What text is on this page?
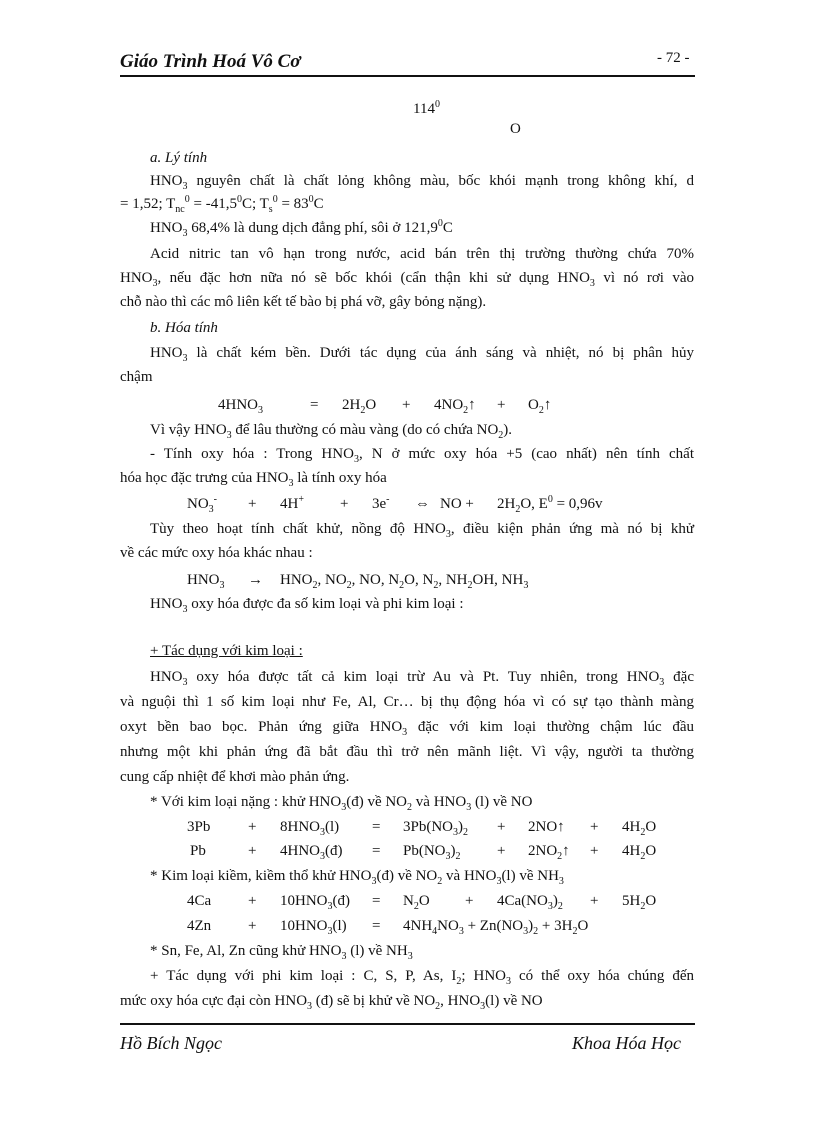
Giáo Trình Hoá Vô Cơ	- 72 -
$114^0$
O
a. Lý tính
$HNO_3$ nguyên chất là chất lỏng không màu, bốc khói mạnh trong không khí, d
= 1,52; $T_{nc}^0 = -41,5^0C$; $T_s^0 = 83^0C$
$HNO_3$ 68,4% là dung dịch đẳng phí, sôi ở 121,9$^0$C
Acid nitric tan vô hạn trong nước, acid bán trên thị trường thường chứa 70%
$HNO_3$, nếu đặc hơn nữa nó sẽ bốc khói (cẩn thận khi sử dụng $HNO_3$ vì nó rơi vào
chỗ nào thì các mô liên kết tế bào bị phá vỡ, gây bỏng nặng).
b. Hóa tính
$HNO_3$ là chất kém bền. Dưới tác dụng của ánh sáng và nhiệt, nó bị phân hủy
chậm
$4HNO_3$	= $2H_2O$ + $4NO_2↑$ + $O_2↑$
Vì vậy $HNO_3$ để lâu thường có màu vàng (do có chứa $NO_2$).
- Tính oxy hóa : Trong $HNO_3$, N ở mức oxy hóa +5 (cao nhất) nên tính chất
hóa học đặc trưng của $HNO_3$ là tính oxy hóa
$NO_3^- + 4H^+ + 3e^-$ ⇔ NO + $2H_2O$, $E^0 = 0,96v$
Tùy theo hoạt tính chất khử, nồng độ $HNO_3$, điều kiện phản ứng mà nó bị khử
về các mức oxy hóa khác nhau :
$HNO_3 \to HNO_2$, $NO_2$, NO, $N_2O$, $N_2$, $NH_2OH$, $NH_3$
$HNO_3$ oxy hóa được đa số kim loại và phi kim loại :
+ Tác dụng với kim loại :
$HNO_3$ oxy hóa được tất cả kim loại trừ Au và Pt. Tuy nhiên, trong $HNO_3$ đặc
và nguội thì 1 số kim loại như Fe, Al, Cr… bị thụ động hóa vì có sự tạo thành màng
oxyt bền bao bọc. Phản ứng giữa $HNO_3$ đặc với kim loại thường chậm lúc đầu
nhưng một khi phản ứng đã bắt đầu thì trở nên mãnh liệt. Vì vậy, người ta thường
cung cấp nhiệt để khơi mào phản ứng.
* Với kim loại nặng : khử $HNO_3(đ)$ về $NO_2$ và $HNO_3$ (l) về NO
3Pb	+ $8HNO_3(l) = 3Pb(NO_3)_2$ + 2NO↑ + $4H_2O$
Pb	+ $4HNO_3(đ) = Pb(NO_3)_2$ + $2NO_2↑ + 4H_2O$
* Kim loại kiềm, kiềm thổ khử $HNO_3(đ)$ về $NO_2$ và $HNO_3(l)$ về $NH_3$
$4Ca + 10HNO_3(đ) = N_2O + 4Ca(NO_3)_2 + 5H_2O$
$4Zn + 10HNO_3(l) = 4NH_4NO_3 + Zn(NO_3)_2 + 3H_2O$
* Sn, Fe, Al, Zn cũng khử $HNO_3$ (l) về $NH_3$
+ Tác dụng với phi kim loại : C, S, P, As, $I_2$; $HNO_3$ có thể oxy hóa chúng đến
mức oxy hóa cực đại còn $HNO_3$ (đ) sẽ bị khử về $NO_2$, $HNO_3(l)$ về NO
Hồ Bích Ngọc	Khoa Hóa Học
